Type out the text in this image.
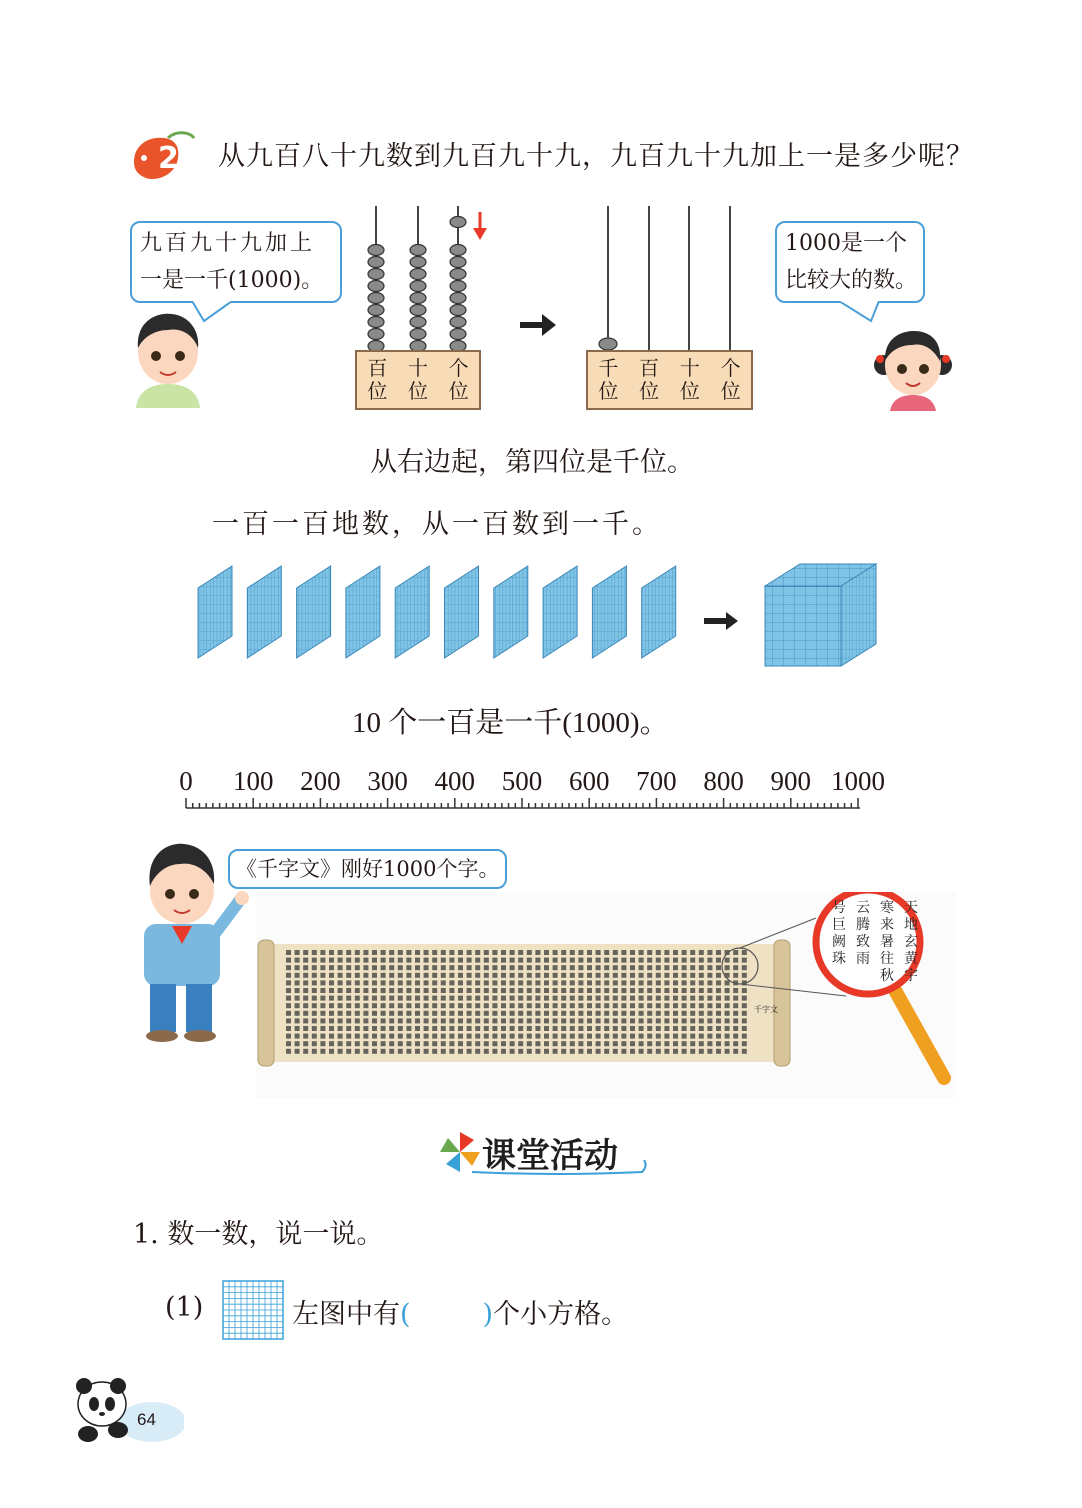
2 从九百八十九数到九百九十九，九百九十九加上一是多少呢？
九百九十九加上
一是一千(1000)。
百
位
十
位
个
位
千
位
百
位
十
位
个
位
1000是一个
比较大的数。
从右边起，第四位是千位。
一百一百地数，从一百数到一千。
10 个一百是一千(1000)。
0 100 200 300 400 500 600 700 800 900 1000
《千字文》刚好1000个字。
千字文
天
地
玄
黄
宇
寒
来
暑
往
秋
云
腾
致
雨
号
巨
阙
珠
课堂活动
1. 数一数，说一说。
(1)	左图中有(	)个小方格。
64
